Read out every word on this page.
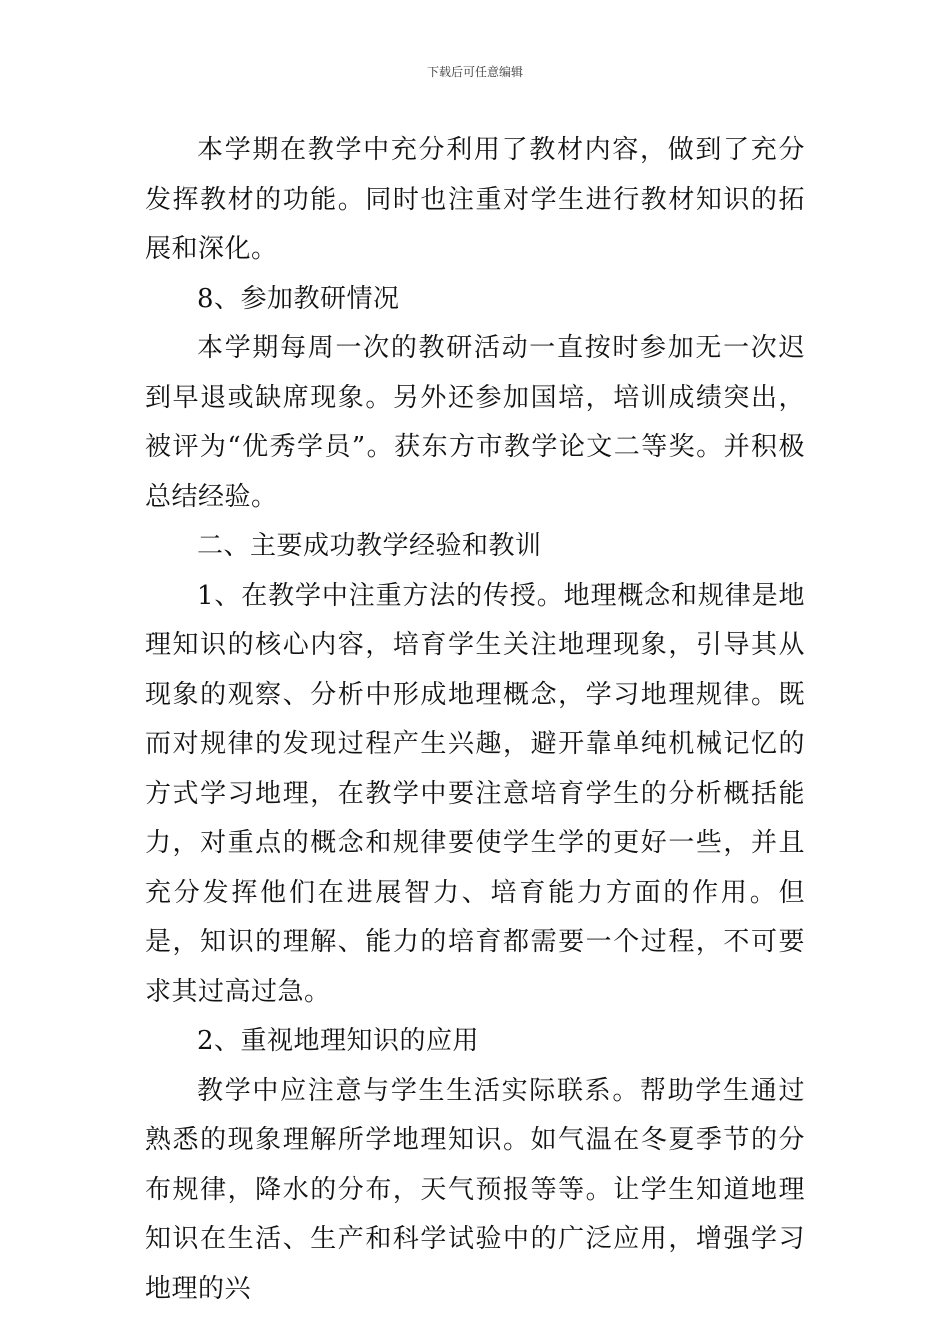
下载后可任意编辑

本学期在教学中充分利用了教材内容，做到了充分发挥教材的功能。同时也注重对学生进行教材知识的拓展和深化。

8、参加教研情况

本学期每周一次的教研活动一直按时参加无一次迟到早退或缺席现象。另外还参加国培，培训成绩突出，被评为“优秀学员”。获东方市教学论文二等奖。并积极总结经验。

二、主要成功教学经验和教训

1、在教学中注重方法的传授。地理概念和规律是地理知识的核心内容，培育学生关注地理现象，引导其从现象的观察、分析中形成地理概念，学习地理规律。既而对规律的发现过程产生兴趣，避开靠单纯机械记忆的方式学习地理，在教学中要注意培育学生的分析概括能力，对重点的概念和规律要使学生学的更好一些，并且充分发挥他们在进展智力、培育能力方面的作用。但是，知识的理解、能力的培育都需要一个过程，不可要求其过高过急。

2、重视地理知识的应用

教学中应注意与学生生活实际联系。帮助学生通过熟悉的现象理解所学地理知识。如气温在冬夏季节的分布规律，降水的分布，天气预报等等。让学生知道地理知识在生活、生产和科学试验中的广泛应用，增强学习地理的兴
